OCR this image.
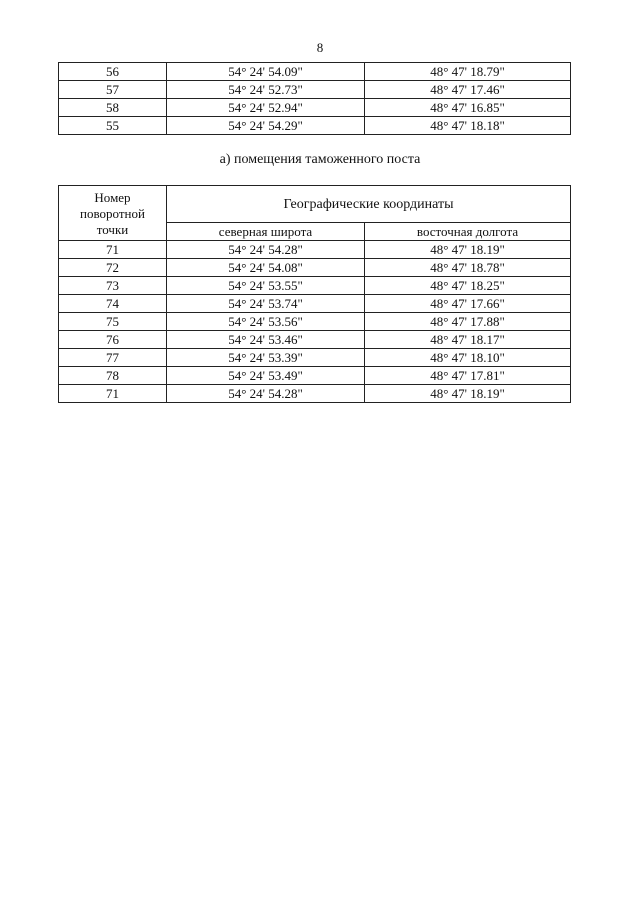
8
56	54° 24' 54.09"	48° 47' 18.79"
57	54° 24' 52.73"	48° 47' 17.46"
58	54° 24' 52.94"	48° 47' 16.85"
55	54° 24' 54.29"	48° 47' 18.18"
а) помещения таможенного поста
Номер
поворотной
точки	Географические координаты	
	северная широта	восточная долгота
71	54° 24' 54.28"	48° 47' 18.19"
72	54° 24' 54.08"	48° 47' 18.78"
73	54° 24' 53.55"	48° 47' 18.25"
74	54° 24' 53.74"	48° 47' 17.66"
75	54° 24' 53.56"	48° 47' 17.88"
76	54° 24' 53.46"	48° 47' 18.17"
77	54° 24' 53.39"	48° 47' 18.10"
78	54° 24' 53.49"	48° 47' 17.81"
71	54° 24' 54.28"	48° 47' 18.19"
